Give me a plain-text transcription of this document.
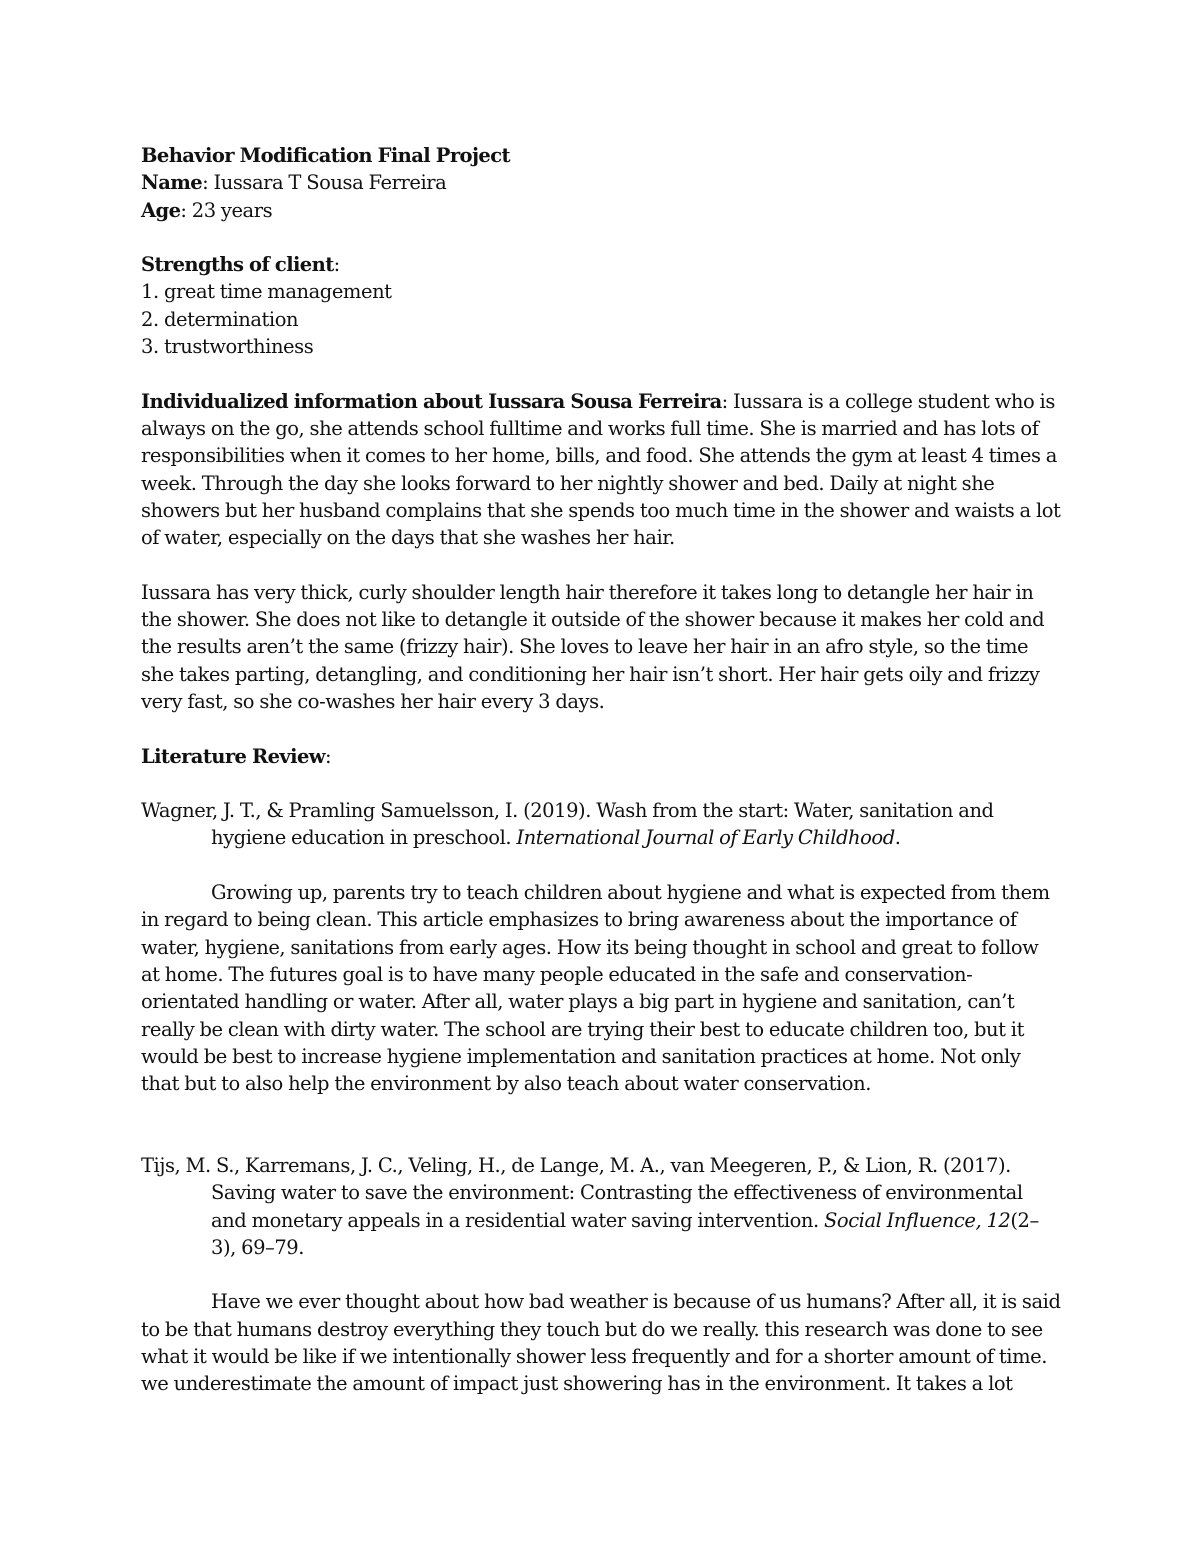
Behavior Modification Final Project

Name: Iussara T Sousa Ferreira

Age: 23 years

Strengths of client:

1. great time management

2. determination

3. trustworthiness

Individualized information about Iussara Sousa Ferreira: Iussara is a college student who is always on the go, she attends school fulltime and works full time. She is married and has lots of responsibilities when it comes to her home, bills, and food. She attends the gym at least 4 times a week. Through the day she looks forward to her nightly shower and bed. Daily at night she showers but her husband complains that she spends too much time in the shower and waists a lot of water, especially on the days that she washes her hair.

Iussara has very thick, curly shoulder length hair therefore it takes long to detangle her hair in the shower. She does not like to detangle it outside of the shower because it makes her cold and the results aren’t the same (frizzy hair). She loves to leave her hair in an afro style, so the time she takes parting, detangling, and conditioning her hair isn’t short. Her hair gets oily and frizzy very fast, so she co-washes her hair every 3 days.

Literature Review:

Wagner, J. T., & Pramling Samuelsson, I. (2019). Wash from the start: Water, sanitation and hygiene education in preschool. International Journal of Early Childhood.

Growing up, parents try to teach children about hygiene and what is expected from them in regard to being clean. This article emphasizes to bring awareness about the importance of water, hygiene, sanitations from early ages. How its being thought in school and great to follow at home. The futures goal is to have many people educated in the safe and conservation-orientated handling or water. After all, water plays a big part in hygiene and sanitation, can’t really be clean with dirty water. The school are trying their best to educate children too, but it would be best to increase hygiene implementation and sanitation practices at home. Not only that but to also help the environment by also teach about water conservation.

Tijs, M. S., Karremans, J. C., Veling, H., de Lange, M. A., van Meegeren, P., & Lion, R. (2017). Saving water to save the environment: Contrasting the effectiveness of environmental and monetary appeals in a residential water saving intervention. Social Influence, 12(2–3), 69–79.

Have we ever thought about how bad weather is because of us humans? After all, it is said to be that humans destroy everything they touch but do we really. this research was done to see what it would be like if we intentionally shower less frequently and for a shorter amount of time. we underestimate the amount of impact just showering has in the environment. It takes a lot
